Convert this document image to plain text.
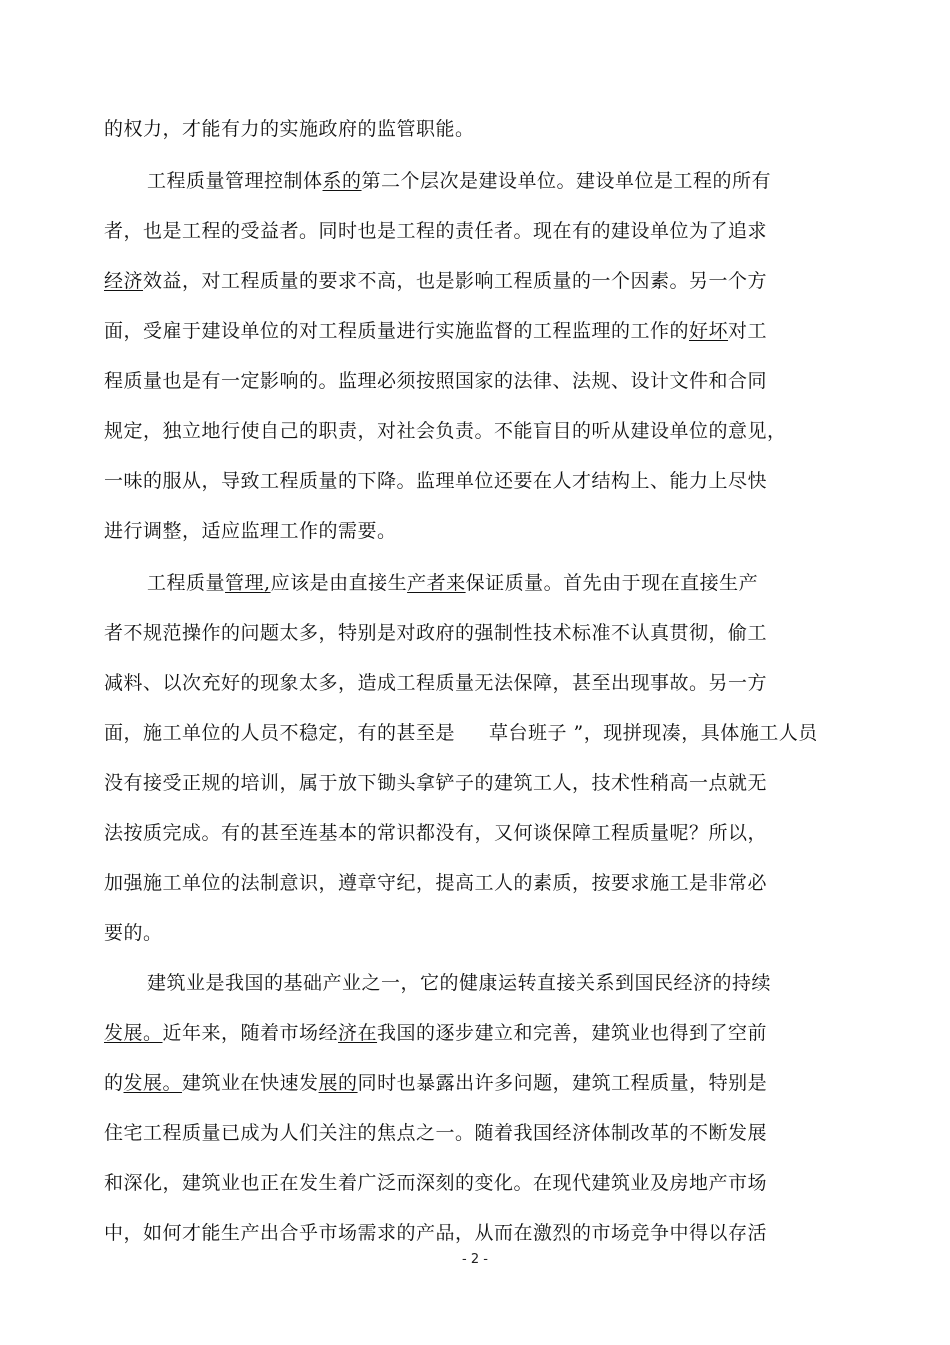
的权力，才能有力的实施政府的监管职能。
工程质量管理控制体系的第二个层次是建设单位。建设单位是工程的所有
者，也是工程的受益者。同时也是工程的责任者。现在有的建设单位为了追求
经济效益，对工程质量的要求不高，也是影响工程质量的一个因素。另一个方
面，受雇于建设单位的对工程质量进行实施监督的工程监理的工作的好坏对工
程质量也是有一定影响的。监理必须按照国家的法律、法规、设计文件和合同
规定，独立地行使自己的职责，对社会负责。不能盲目的听从建设单位的意见，
一味的服从，导致工程质量的下降。监理单位还要在人才结构上、能力上尽快
进行调整，适应监理工作的需要。
工程质量管理,应该是由直接生产者来保证质量。首先由于现在直接生产
者不规范操作的问题太多，特别是对政府的强制性技术标准不认真贯彻，偷工
减料、以次充好的现象太多，造成工程质量无法保障，甚至出现事故。另一方
面，施工单位的人员不稳定，有的甚至是 草台班子 ”，现拼现凑，具体施工人员
没有接受正规的培训，属于放下锄头拿铲子的建筑工人，技术性稍高一点就无
法按质完成。有的甚至连基本的常识都没有，又何谈保障工程质量呢？所以，
加强施工单位的法制意识，遵章守纪，提高工人的素质，按要求施工是非常必
要的。
建筑业是我国的基础产业之一，它的健康运转直接关系到国民经济的持续
发展。近年来，随着市场经济在我国的逐步建立和完善，建筑业也得到了空前
的发展。建筑业在快速发展的同时也暴露出许多问题，建筑工程质量，特别是
住宅工程质量已成为人们关注的焦点之一。随着我国经济体制改革的不断发展
和深化，建筑业也正在发生着广泛而深刻的变化。在现代建筑业及房地产市场
中，如何才能生产出合乎市场需求的产品，从而在激烈的市场竞争中得以存活
- 2 -
